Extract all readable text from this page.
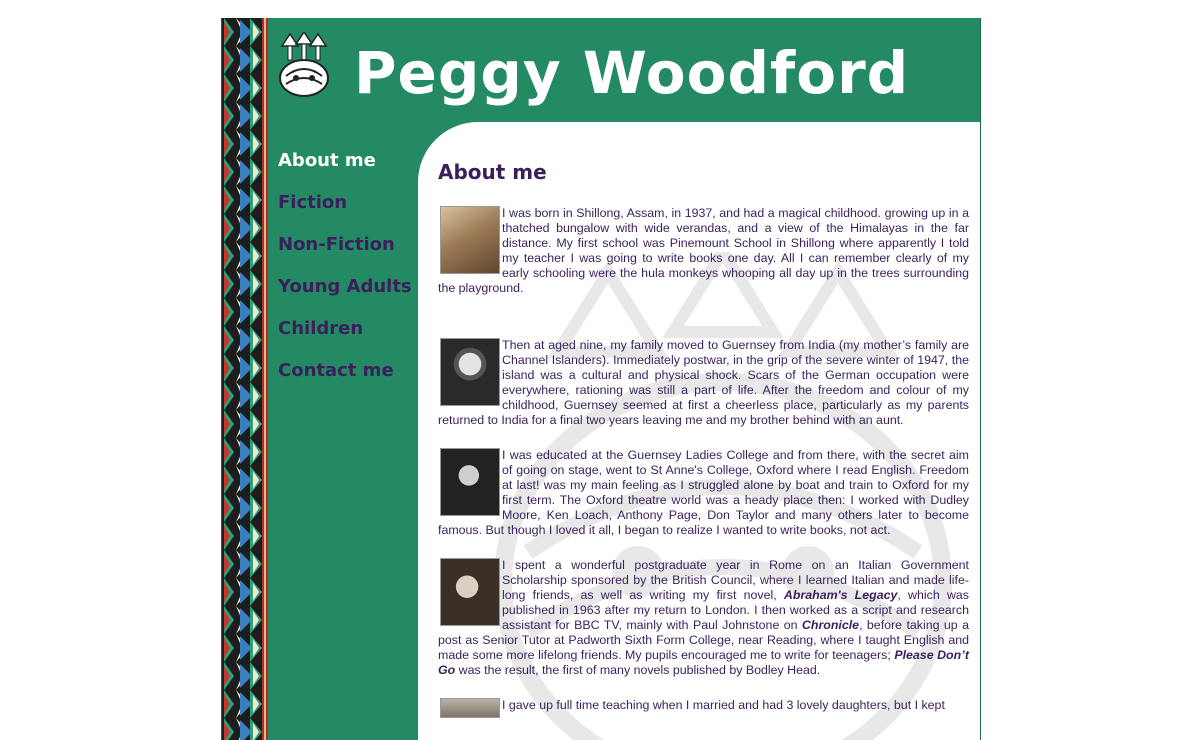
Peggy Woodford
About me
Fiction
Non-Fiction
Young Adults
Children
Contact me
About me
I was born in Shillong, Assam, in 1937, and had a magical childhood. growing up in a thatched bungalow with wide verandas, and a view of the Himalayas in the far distance. My first school was Pinemount School in Shillong where apparently I told my teacher I was going to write books one day. All I can remember clearly of my early schooling were the hula monkeys whooping all day up in the trees surrounding the playground.
Then at aged nine, my family moved to Guernsey from India (my mother’s family are Channel Islanders). Immediately postwar, in the grip of the severe winter of 1947, the island was a cultural and physical shock. Scars of the German occupation were everywhere, rationing was still a part of life. After the freedom and colour of my childhood, Guernsey seemed at first a cheerless place, particularly as my parents returned to India for a final two years leaving me and my brother behind with an aunt.
I was educated at the Guernsey Ladies College and from there, with the secret aim of going on stage, went to St Anne's College, Oxford where I read English. Freedom at last! was my main feeling as I struggled alone by boat and train to Oxford for my first term. The Oxford theatre world was a heady place then: I worked with Dudley Moore, Ken Loach, Anthony Page, Don Taylor and many others later to become famous. But though I loved it all, I began to realize I wanted to write books, not act.
I spent a wonderful postgraduate year in Rome on an Italian Government Scholarship sponsored by the British Council, where I learned Italian and made life-long friends, as well as writing my first novel, Abraham's Legacy, which was published in 1963 after my return to London. I then worked as a script and research assistant for BBC TV, mainly with Paul Johnstone on Chronicle, before taking up a post as Senior Tutor at Padworth Sixth Form College, near Reading, where I taught English and made some more lifelong friends. My pupils encouraged me to write for teenagers; Please Don’t Go was the result, the first of many novels published by Bodley Head.
I gave up full time teaching when I married and had 3 lovely daughters, but I kept
